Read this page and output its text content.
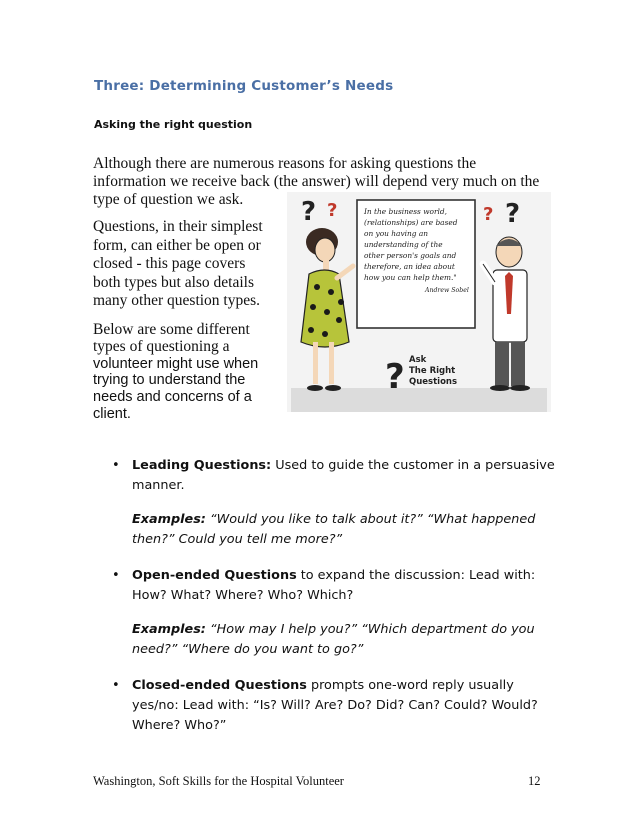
Three: Determining Customer’s Needs
Asking the right question
Although there are numerous reasons for asking questions the information we receive back (the answer) will depend very much on the type of question we ask.
Questions, in their simplest form, can either be open or closed - this page covers both types but also details many other question types.
Below are some different types of questioning a volunteer might use when trying to understand the needs and concerns of a client.
In the business world,
(relationships) are based
on you having an
understanding of the
other person's goals and
therefore, an idea about
how you can help them."
Andrew Sobel
? ?	? ?
? Ask
The Right
Questions
• Leading Questions: Used to guide the customer in a persuasive manner.
Examples: “Would you like to talk about it?” “What happened then?” Could you tell me more?”
• Open-ended Questions to expand the discussion: Lead with: How? What? Where? Who? Which?
Examples: “How may I help you?” “Which department do you need?” “Where do you want to go?”
• Closed-ended Questions prompts one-word reply usually yes/no: Lead with: “Is? Will? Are? Do? Did? Can? Could? Would? Where? Who?”
Washington, Soft Skills for the Hospital Volunteer	12
